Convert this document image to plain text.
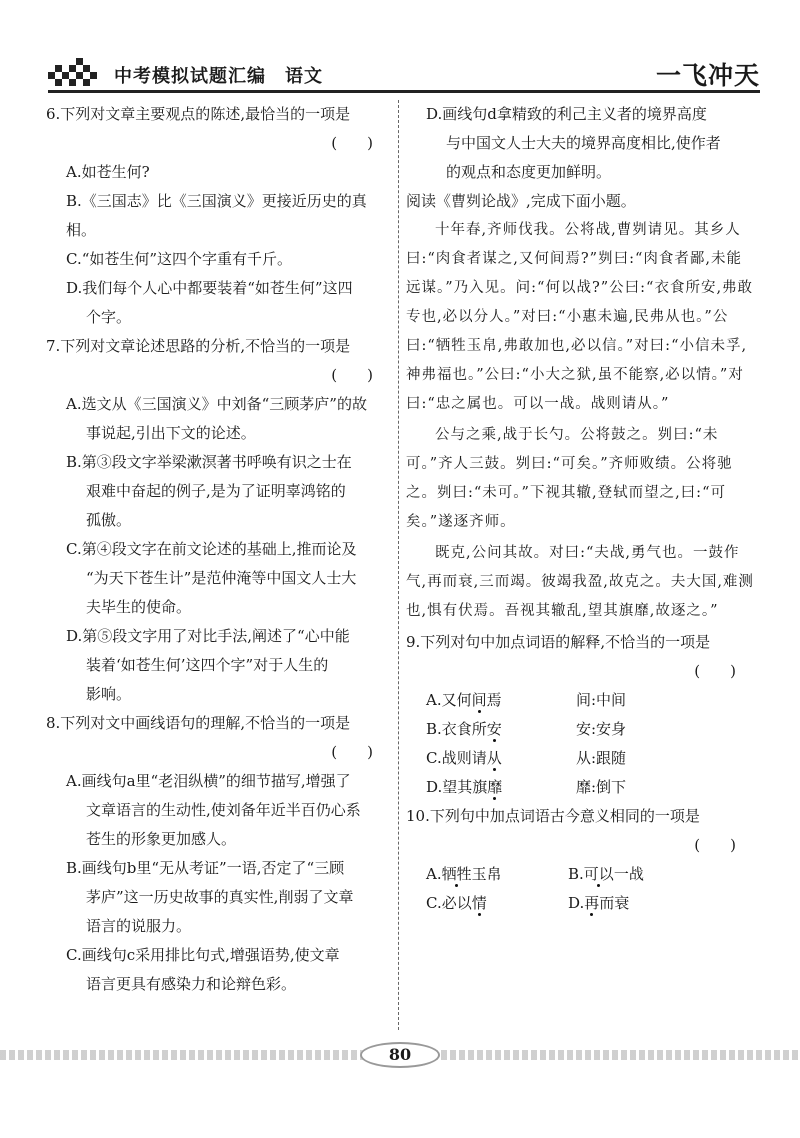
中考模拟试题汇编　语文	一飞冲天

6.下列对文章主要观点的陈述,最恰当的一项是

(　　)

A.如苍生何?

B.《三国志》比《三国演义》更接近历史的真相。

C.“如苍生何”这四个字重有千斤。

D.我们每个人心中都要装着“如苍生何”这四
个字。

7.下列对文章论述思路的分析,不恰当的一项是

(　　)

A.选文从《三国演义》中刘备“三顾茅庐”的故
事说起,引出下文的论述。

B.第③段文字举梁漱溟著书呼唤有识之士在
艰难中奋起的例子,是为了证明辜鸿铭的
孤傲。

C.第④段文字在前文论述的基础上,推而论及
“为天下苍生计”是范仲淹等中国文人士大
夫毕生的使命。

D.第⑤段文字用了对比手法,阐述了“心中能
装着‘如苍生何’这四个字”对于人生的
影响。

8.下列对文中画线语句的理解,不恰当的一项是

(　　)

A.画线句a里“老泪纵横”的细节描写,增强了
文章语言的生动性,使刘备年近半百仍心系
苍生的形象更加感人。

B.画线句b里“无从考证”一语,否定了“三顾
茅庐”这一历史故事的真实性,削弱了文章
语言的说服力。

C.画线句c采用排比句式,增强语势,使文章
语言更具有感染力和论辩色彩。

D.画线句d拿精致的利己主义者的境界高度
与中国文人士大夫的境界高度相比,使作者
的观点和态度更加鲜明。

阅读《曹刿论战》,完成下面小题。

十年春,齐师伐我。公将战,曹刿请见。其乡人曰:“肉食者谋之,又何间焉?”刿曰:“肉食者鄙,未能远谋。”乃入见。问:“何以战?”公曰:“衣食所安,弗敢专也,必以分人。”对曰:“小惠未遍,民弗从也。”公曰:“牺牲玉帛,弗敢加也,必以信。”对曰:“小信未孚,神弗福也。”公曰:“小大之狱,虽不能察,必以情。”对曰:“忠之属也。可以一战。战则请从。”

公与之乘,战于长勺。公将鼓之。刿曰:“未可。”齐人三鼓。刿曰:“可矣。”齐师败绩。公将驰之。刿曰:“未可。”下视其辙,登轼而望之,曰:“可矣。”遂逐齐师。

既克,公问其故。对曰:“夫战,勇气也。一鼓作气,再而衰,三而竭。彼竭我盈,故克之。夫大国,难测也,惧有伏焉。吾视其辙乱,望其旗靡,故逐之。”

9.下列对句中加点词语的解释,不恰当的一项是

(　　)

A.又何间焉	间:中间
B.衣食所安	安:安身
C.战则请从	从:跟随
D.望其旗靡	靡:倒下

10.下列句中加点词语古今意义相同的一项是

(　　)

A.牺牲玉帛	B.可以一战
C.必以情	D.再而衰
80
